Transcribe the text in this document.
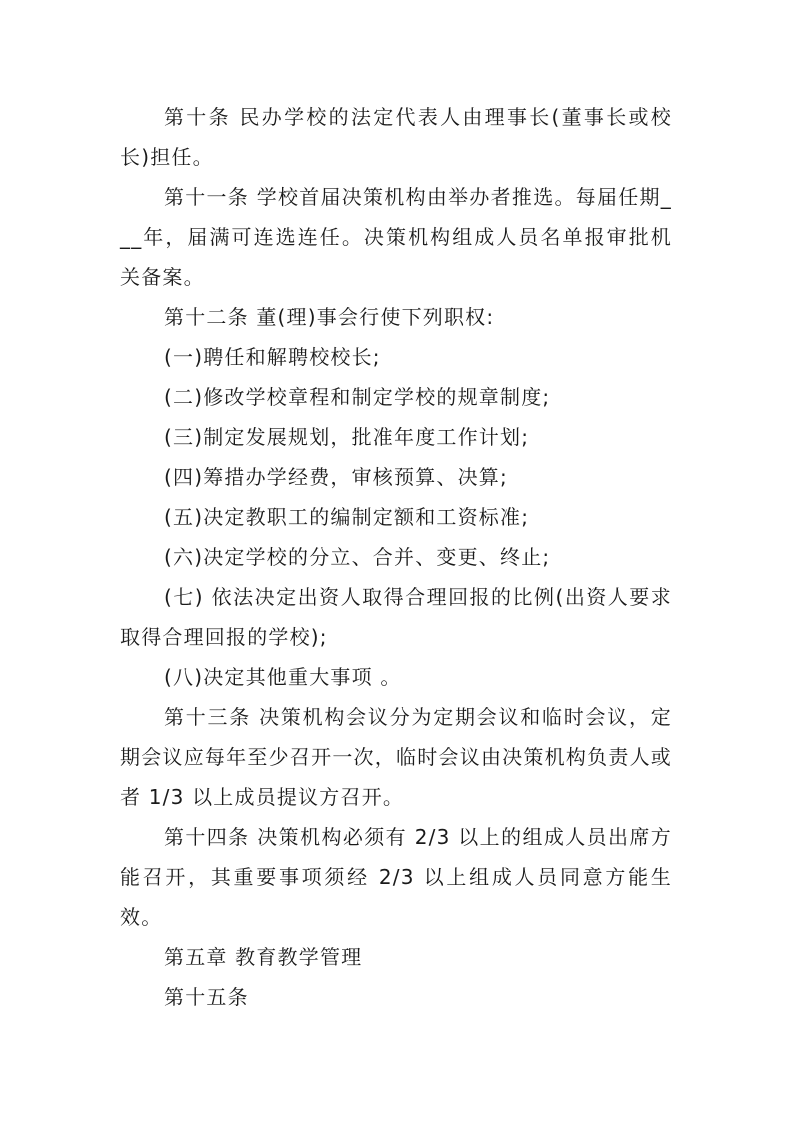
第十条 民办学校的法定代表人由理事长(董事长或校长)担任。

第十一条 学校首届决策机构由举办者推选。每届任期___年，届满可连选连任。决策机构组成人员名单报审批机关备案。

第十二条 董(理)事会行使下列职权:

(一)聘任和解聘校校长;

(二)修改学校章程和制定学校的规章制度;

(三)制定发展规划，批准年度工作计划;

(四)筹措办学经费，审核预算、决算;

(五)决定教职工的编制定额和工资标准;

(六)决定学校的分立、合并、变更、终止;

(七) 依法决定出资人取得合理回报的比例(出资人要求取得合理回报的学校);

(八)决定其他重大事项 。

第十三条 决策机构会议分为定期会议和临时会议，定期会议应每年至少召开一次，临时会议由决策机构负责人或者 1/3 以上成员提议方召开。

第十四条 决策机构必须有 2/3 以上的组成人员出席方能召开，其重要事项须经 2/3 以上组成人员同意方能生效。

第五章 教育教学管理

第十五条
